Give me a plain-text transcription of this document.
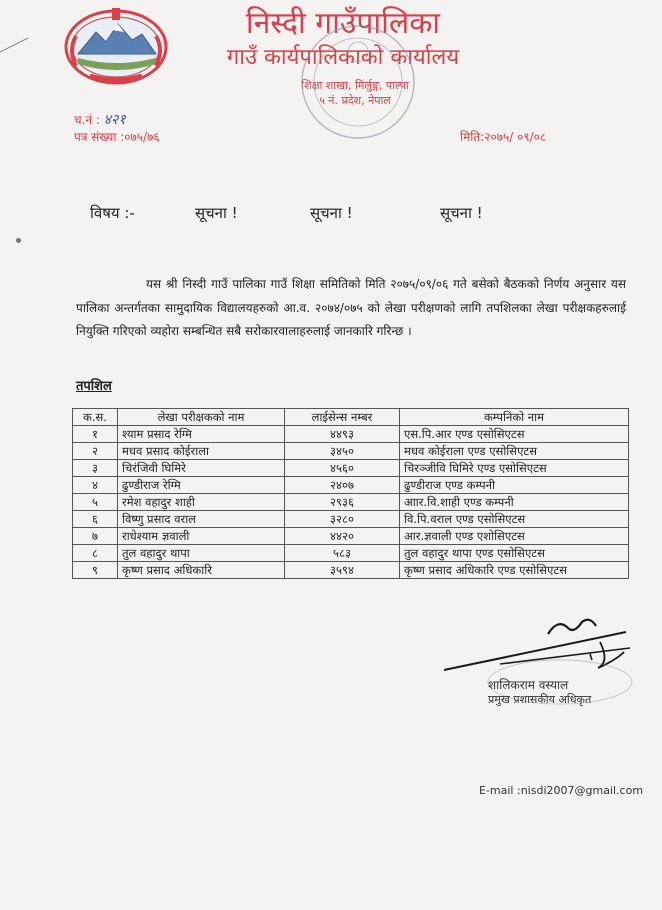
निस्दी गाउँपालिका
गाउँ कार्यपालिकाको कार्यालय
शिक्षा शाखा, मिर्लुङ्ग, पाल्पा
५ नं. प्रदेश, नेपाल
च.नं : ४२१
पत्र संख्या :०७५/७६	मिति:२०७५/ ०९/०८
विषय :-	सूचना !	सूचना !	सूचना !
यस श्री निस्दी गाउँ पालिका गाउँ शिक्षा समितिको मिति २०७५/०९/०६ गते बसेको बैठकको निर्णय अनुसार यस पालिका अन्तर्गतका सामुदायिक विद्यालयहरुको आ.व. २०७४/०७५ को लेखा परीक्षणको लागि तपशिलका लेखा परीक्षकहरुलाई नियुक्ति गरिएको व्यहोरा सम्बन्धित सबै सरोकारवालाहरुलाई जानकारि गरिन्छ ।
तपशिल
क.स.	लेखा परीक्षकको नाम	लाईसेन्स नम्बर	कम्पनिको नाम
१	श्याम प्रसाद रेग्मि	४४९३	एस.पि.आर एण्ड एसोसिएटस
२	मधव प्रसाद कोईराला	३४५०	मधव कोईराला एण्ड एसोसिएटस
३	चिरंजिवी घिमिरे	४५६०	चिरञ्जीवि घिमिरे एण्ड एसोसिएटस
४	ढुण्डीराज रेग्मि	२४०७	ढुण्डीराज एण्ड कम्पनी
५	रमेश वहादुर शाही	२९३६	आार.वि.शाही एण्ड कम्पनी
६	विष्णु प्रसाद वराल	३२८०	वि.पि.वराल एण्ड एसोसिएटस
७	राधेश्याम ज्ञवाली	४४२०	आर.ज्ञवाली एण्ड एशोसिएटस
८	तुल वहादुर थापा	५८३	तुल वहादुर थापा एण्ड एसोसिएटस
९	कृष्ण प्रसाद अधिकारि	३५९४	कृष्ण प्रसाद अधिकारि एण्ड एसोसिएटस
शालिकराम वस्याल
प्रमुख प्रशासकीय अधिकृत
E-mail :nisdi2007@gmail.com
